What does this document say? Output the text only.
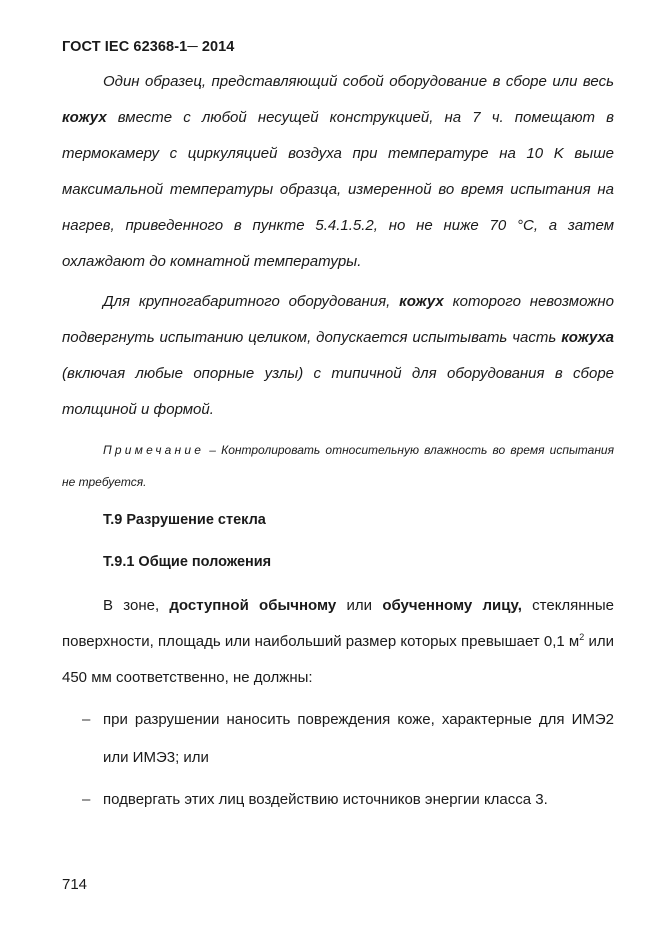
ГОСТ IEC 62368-1─ 2014
Один образец, представляющий собой оборудование в сборе или весь кожух вместе с любой несущей конструкцией, на 7 ч. помещают в термокамеру с циркуляцией воздуха при температуре на 10 K выше максимальной температуры образца, измеренной во время испытания на нагрев, приведенного в пункте 5.4.1.5.2, но не ниже 70 °С, а затем охлаждают до комнатной температуры.
Для крупногабаритного оборудования, кожух которого невозможно подвергнуть испытанию целиком, допускается испытывать часть кожуха (включая любые опорные узлы) с типичной для оборудования в сборе толщиной и формой.
Примечание – Контролировать относительную влажность во время испытания не требуется.
Т.9 Разрушение стекла
Т.9.1 Общие положения
В зоне, доступной обычному или обученному лицу, стеклянные поверхности, площадь или наибольший размер которых превышает 0,1 $м^2$ или 450 мм соответственно, не должны:
– при разрушении наносить повреждения коже, характерные для ИМЭ2 или ИМЭ3; или
– подвергать этих лиц воздействию источников энергии класса 3.
714
